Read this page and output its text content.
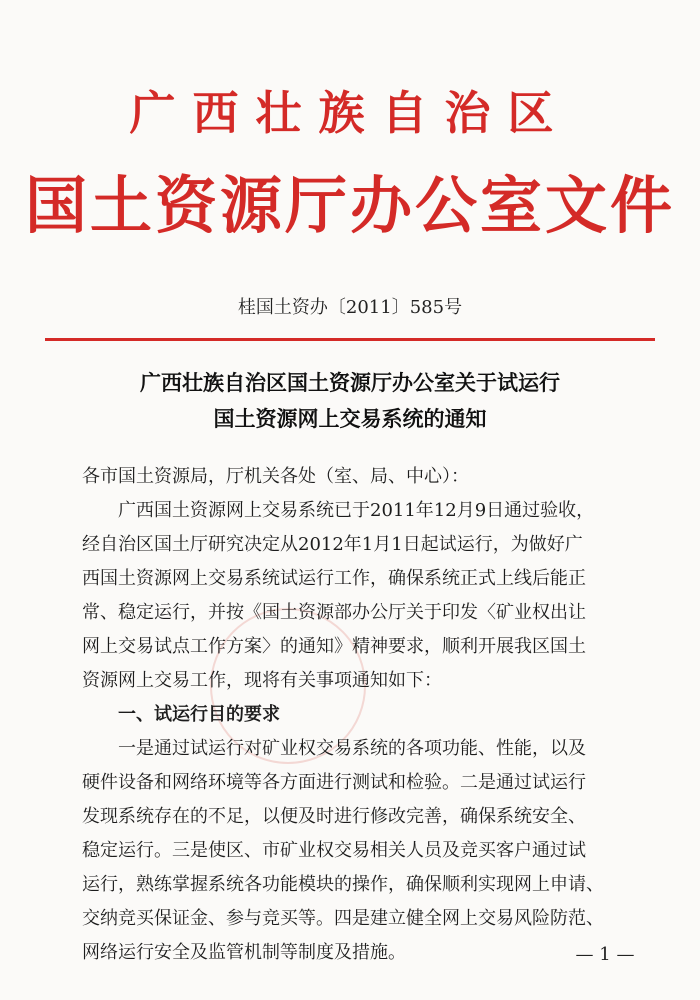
广西壮族自治区
国土资源厅办公室文件
桂国土资办〔2011〕585号
广西壮族自治区国土资源厅办公室关于试运行
国土资源网上交易系统的通知
各市国土资源局，厅机关各处（室、局、中心）：
广西国土资源网上交易系统已于2011年12月9日通过验收，
经自治区国土厅研究决定从2012年1月1日起试运行，为做好广
西国土资源网上交易系统试运行工作，确保系统正式上线后能正
常、稳定运行，并按《国土资源部办公厅关于印发〈矿业权出让
网上交易试点工作方案〉的通知》精神要求，顺利开展我区国土
资源网上交易工作，现将有关事项通知如下：
一、试运行目的要求
一是通过试运行对矿业权交易系统的各项功能、性能，以及
硬件设备和网络环境等各方面进行测试和检验。二是通过试运行
发现系统存在的不足，以便及时进行修改完善，确保系统安全、
稳定运行。三是使区、市矿业权交易相关人员及竞买客户通过试
运行，熟练掌握系统各功能模块的操作，确保顺利实现网上申请、
交纳竞买保证金、参与竞买等。四是建立健全网上交易风险防范、
网络运行安全及监管机制等制度及措施。	— 1 —
